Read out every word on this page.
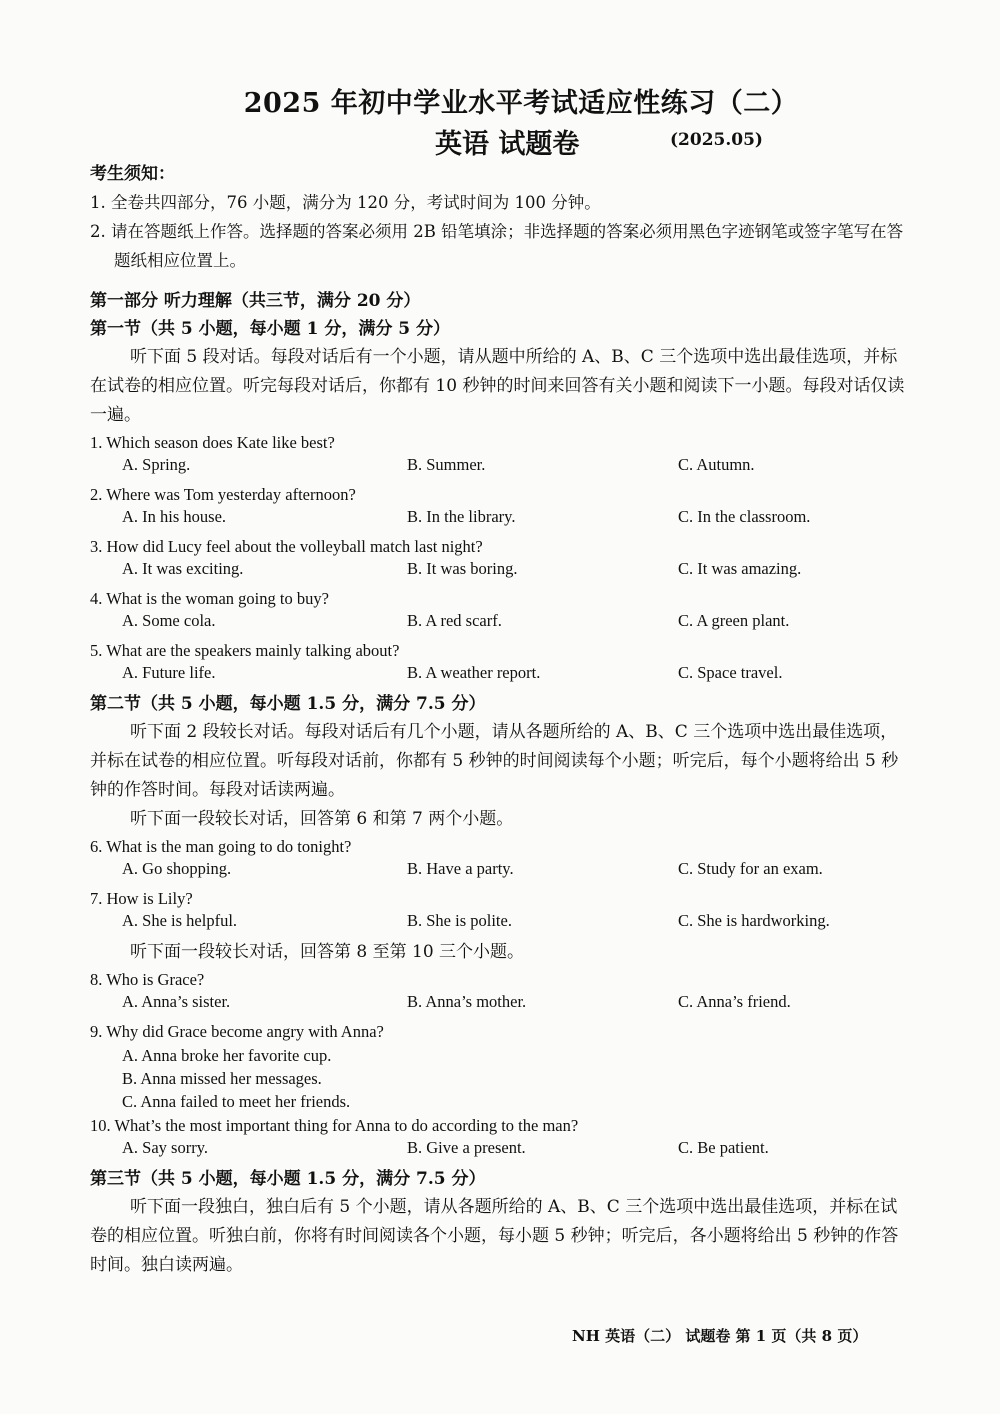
2025 年初中学业水平考试适应性练习（二）
英语 试题卷	(2025.05)
考生须知：
1. 全卷共四部分，76 小题，满分为 120 分，考试时间为 100 分钟。
2. 请在答题纸上作答。选择题的答案必须用 2B 铅笔填涂；非选择题的答案必须用黑色字迹钢笔或签字笔写在答题纸相应位置上。
第一部分 听力理解（共三节，满分 20 分）
第一节（共 5 小题，每小题 1 分，满分 5 分）
听下面 5 段对话。每段对话后有一个小题，请从题中所给的 A、B、C 三个选项中选出最佳选项，并标在试卷的相应位置。听完每段对话后，你都有 10 秒钟的时间来回答有关小题和阅读下一小题。每段对话仅读一遍。
1. Which season does Kate like best?
A. Spring.	B. Summer.	C. Autumn.
2. Where was Tom yesterday afternoon?
A. In his house.	B. In the library.	C. In the classroom.
3. How did Lucy feel about the volleyball match last night?
A. It was exciting.	B. It was boring.	C. It was amazing.
4. What is the woman going to buy?
A. Some cola.	B. A red scarf.	C. A green plant.
5. What are the speakers mainly talking about?
A. Future life.	B. A weather report.	C. Space travel.
第二节（共 5 小题，每小题 1.5 分，满分 7.5 分）
听下面 2 段较长对话。每段对话后有几个小题，请从各题所给的 A、B、C 三个选项中选出最佳选项，并标在试卷的相应位置。听每段对话前，你都有 5 秒钟的时间阅读每个小题；听完后，每个小题将给出 5 秒钟的作答时间。每段对话读两遍。
听下面一段较长对话，回答第 6 和第 7 两个小题。
6. What is the man going to do tonight?
A. Go shopping.	B. Have a party.	C. Study for an exam.
7. How is Lily?
A. She is helpful.	B. She is polite.	C. She is hardworking.
听下面一段较长对话，回答第 8 至第 10 三个小题。
8. Who is Grace?
A. Anna’s sister.	B. Anna’s mother.	C. Anna’s friend.
9. Why did Grace become angry with Anna?
A. Anna broke her favorite cup.
B. Anna missed her messages.
C. Anna failed to meet her friends.
10. What’s the most important thing for Anna to do according to the man?
A. Say sorry.	B. Give a present.	C. Be patient.
第三节（共 5 小题，每小题 1.5 分，满分 7.5 分）
听下面一段独白，独白后有 5 个小题，请从各题所给的 A、B、C 三个选项中选出最佳选项，并标在试卷的相应位置。听独白前，你将有时间阅读各个小题，每小题 5 秒钟；听完后，各小题将给出 5 秒钟的作答时间。独白读两遍。
NH 英语（二） 试题卷 第 1 页（共 8 页）
